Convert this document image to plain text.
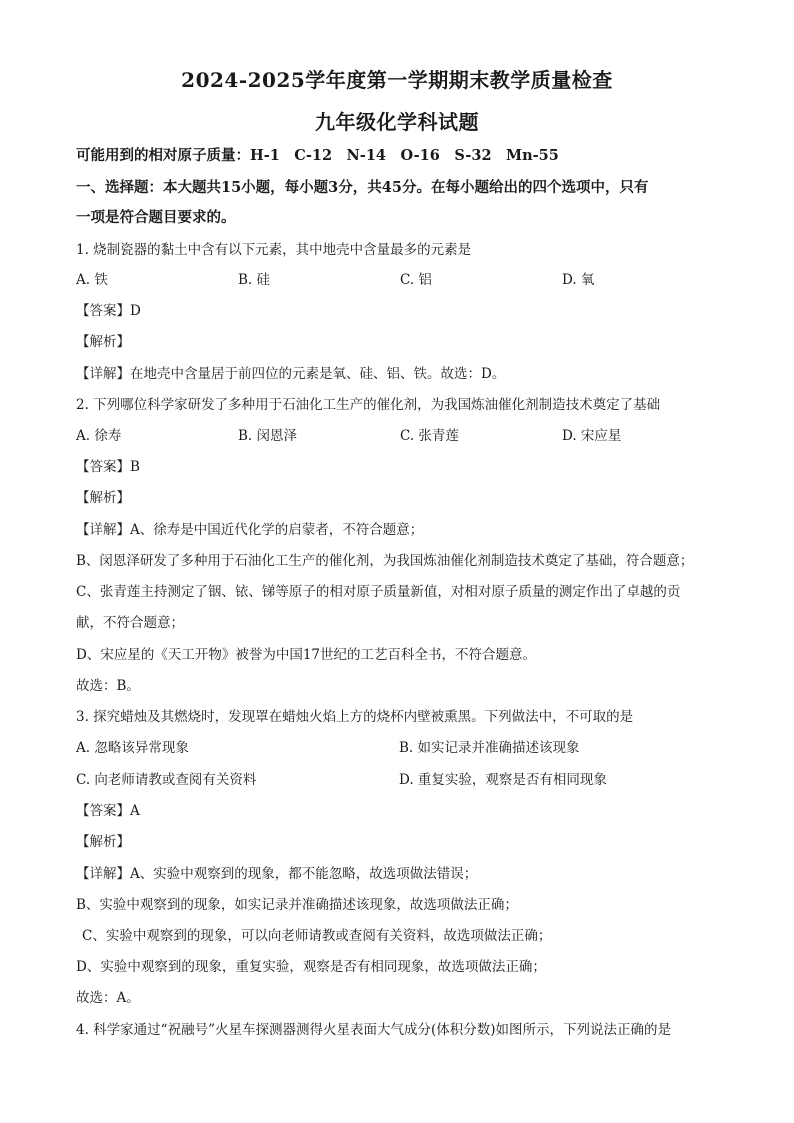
2024-2025学年度第一学期期末教学质量检查
九年级化学科试题
可能用到的相对原子质量：H-1　C-12　N-14　O-16　S-32　Mn-55
一、选择题：本大题共15小题，每小题3分，共45分。在每小题给出的四个选项中，只有
一项是符合题目要求的。
1. 烧制瓷器的黏土中含有以下元素，其中地壳中含量最多的元素是
A. 铁	B. 硅	C. 铝	D. 氧
【答案】D
【解析】
【详解】在地壳中含量居于前四位的元素是氧、硅、铝、铁。故选：D。
2. 下列哪位科学家研发了多种用于石油化工生产的催化剂，为我国炼油催化剂制造技术奠定了基础
A. 徐寿	B. 闵恩泽	C. 张青莲	D. 宋应星
【答案】B
【解析】
【详解】A、徐寿是中国近代化学的启蒙者，不符合题意；
B、闵恩泽研发了多种用于石油化工生产的催化剂，为我国炼油催化剂制造技术奠定了基础，符合题意；
C、张青莲主持测定了铟、铱、锑等原子的相对原子质量新值，对相对原子质量的测定作出了卓越的贡
献，不符合题意；
D、宋应星的《天工开物》被誉为中国17世纪的工艺百科全书，不符合题意。
故选：B。
3. 探究蜡烛及其燃烧时，发现罩在蜡烛火焰上方的烧杯内壁被熏黑。下列做法中，不可取的是
A. 忽略该异常现象	B. 如实记录并准确描述该现象
C. 向老师请教或查阅有关资料	D. 重复实验，观察是否有相同现象
【答案】A
【解析】
【详解】A、实验中观察到的现象，都不能忽略，故选项做法错误；
B、实验中观察到的现象，如实记录并准确描述该现象，故选项做法正确；
C、实验中观察到的现象，可以向老师请教或查阅有关资料，故选项做法正确；
D、实验中观察到的现象，重复实验，观察是否有相同现象，故选项做法正确；
故选：A。
4. 科学家通过“祝融号”火星车探测器测得火星表面大气成分(体积分数)如图所示，下列说法正确的是
